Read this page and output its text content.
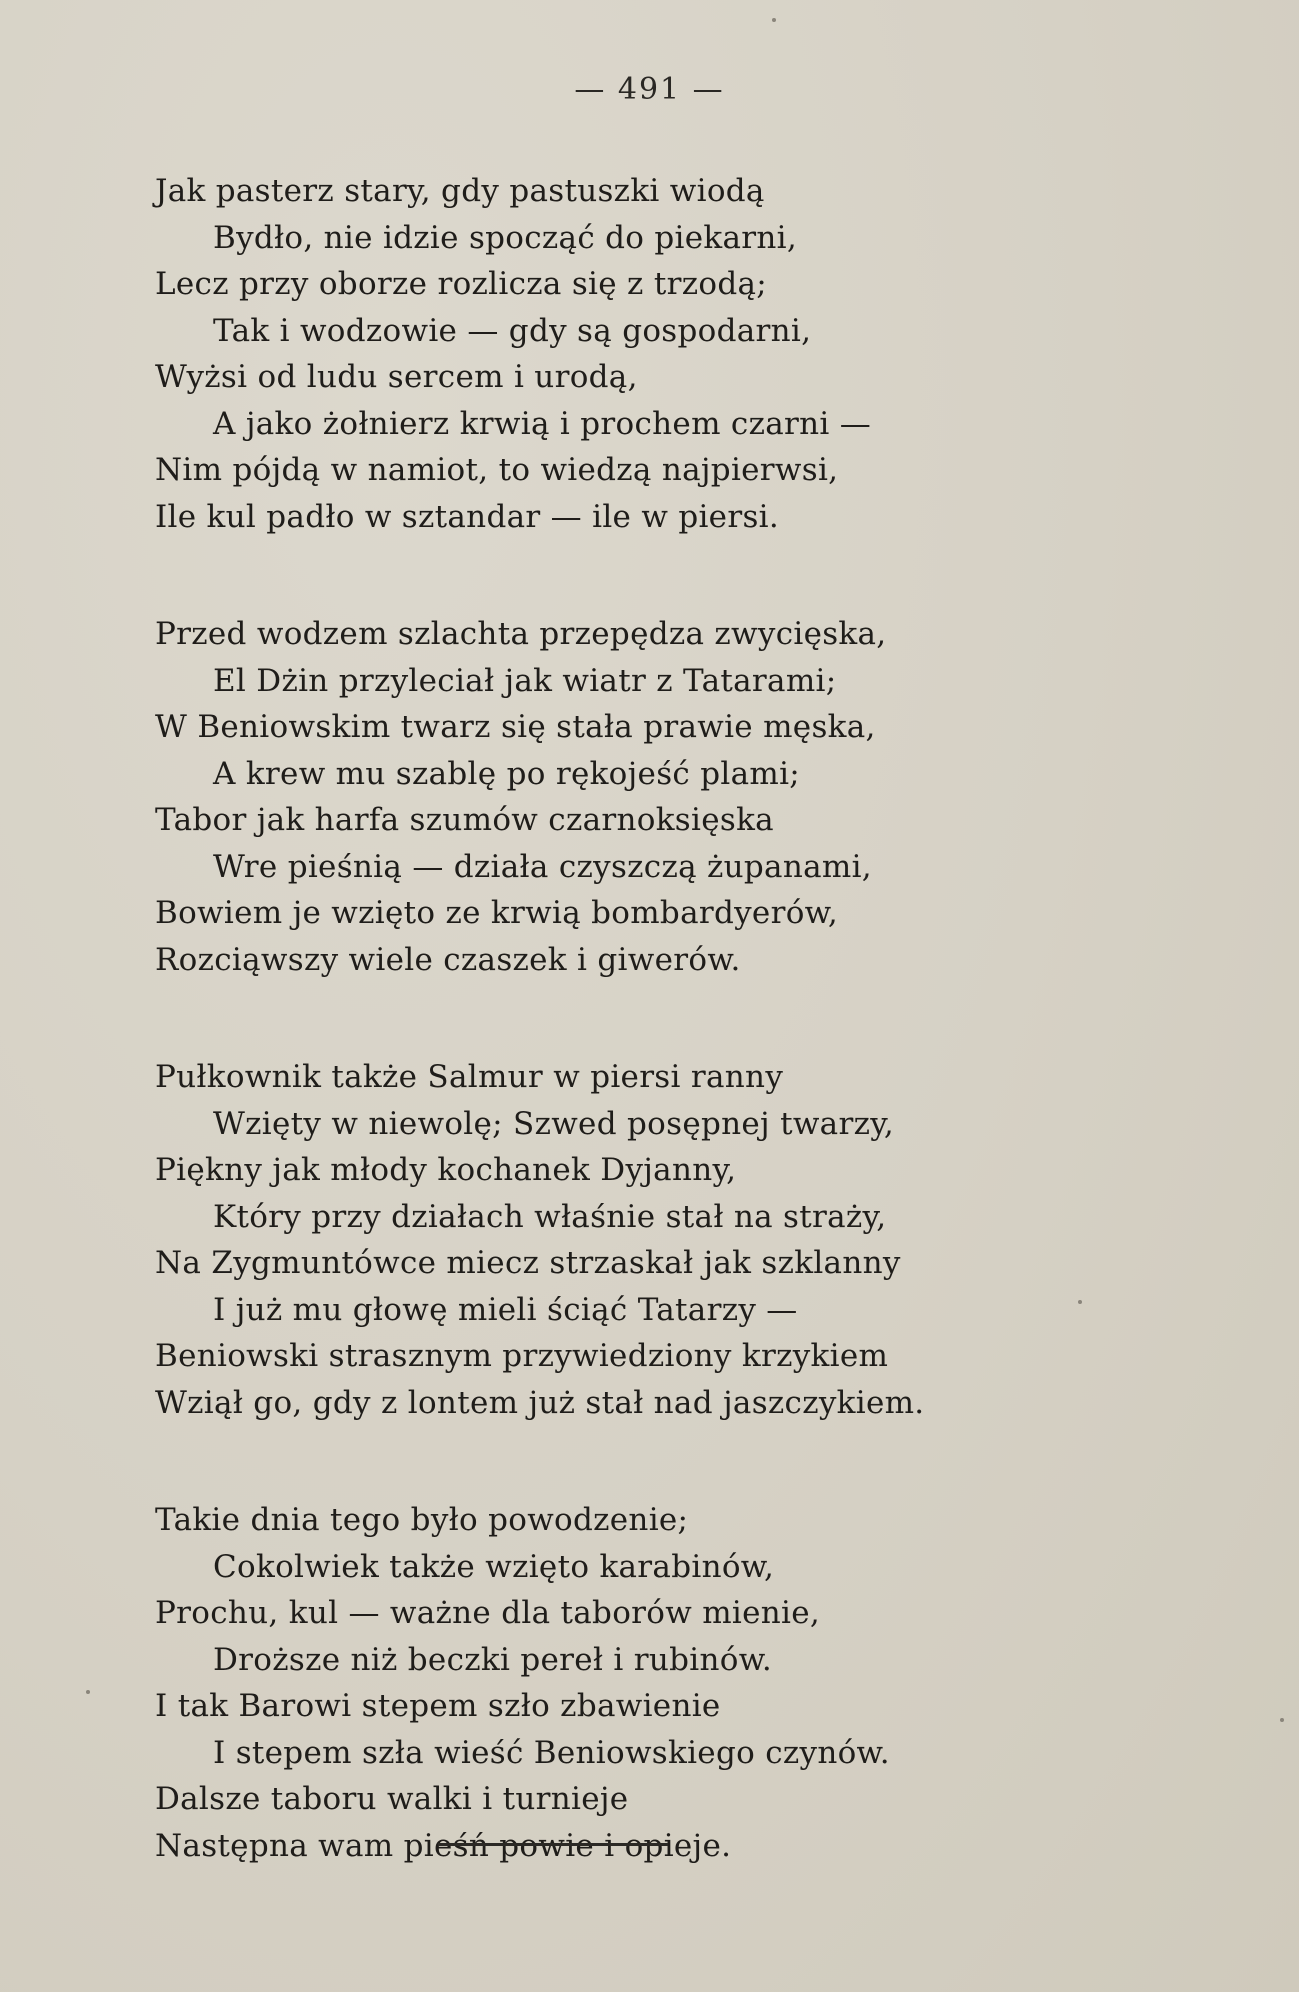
— 491 —
Jak pasterz stary, gdy pastuszki wiodą
Bydło, nie idzie spocząć do piekarni,
Lecz przy oborze rozlicza się z trzodą;
Tak i wodzowie — gdy są gospodarni,
Wyżsi od ludu sercem i urodą,
A jako żołnierz krwią i prochem czarni —
Nim pójdą w namiot, to wiedzą najpierwsi,
Ile kul padło w sztandar — ile w piersi.
Przed wodzem szlachta przepędza zwycięska,
El Dżin przyleciał jak wiatr z Tatarami;
W Beniowskim twarz się stała prawie męska,
A krew mu szablę po rękojeść plami;
Tabor jak harfa szumów czarnoksięska
Wre pieśnią — działa czyszczą żupanami,
Bowiem je wzięto ze krwią bombardyerów,
Rozciąwszy wiele czaszek i giwerów.
Pułkownik także Salmur w piersi ranny
Wzięty w niewolę; Szwed posępnej twarzy,
Piękny jak młody kochanek Dyjanny,
Który przy działach właśnie stał na straży,
Na Zygmuntówce miecz strzaskał jak szklanny
I już mu głowę mieli ściąć Tatarzy —
Beniowski strasznym przywiedziony krzykiem
Wziął go, gdy z lontem już stał nad jaszczykiem.
Takie dnia tego było powodzenie;
Cokolwiek także wzięto karabinów,
Prochu, kul — ważne dla taborów mienie,
Droższe niż beczki pereł i rubinów.
I tak Barowi stepem szło zbawienie
I stepem szła wieść Beniowskiego czynów.
Dalsze taboru walki i turnieje
Następna wam pieśń powie i opieje.
